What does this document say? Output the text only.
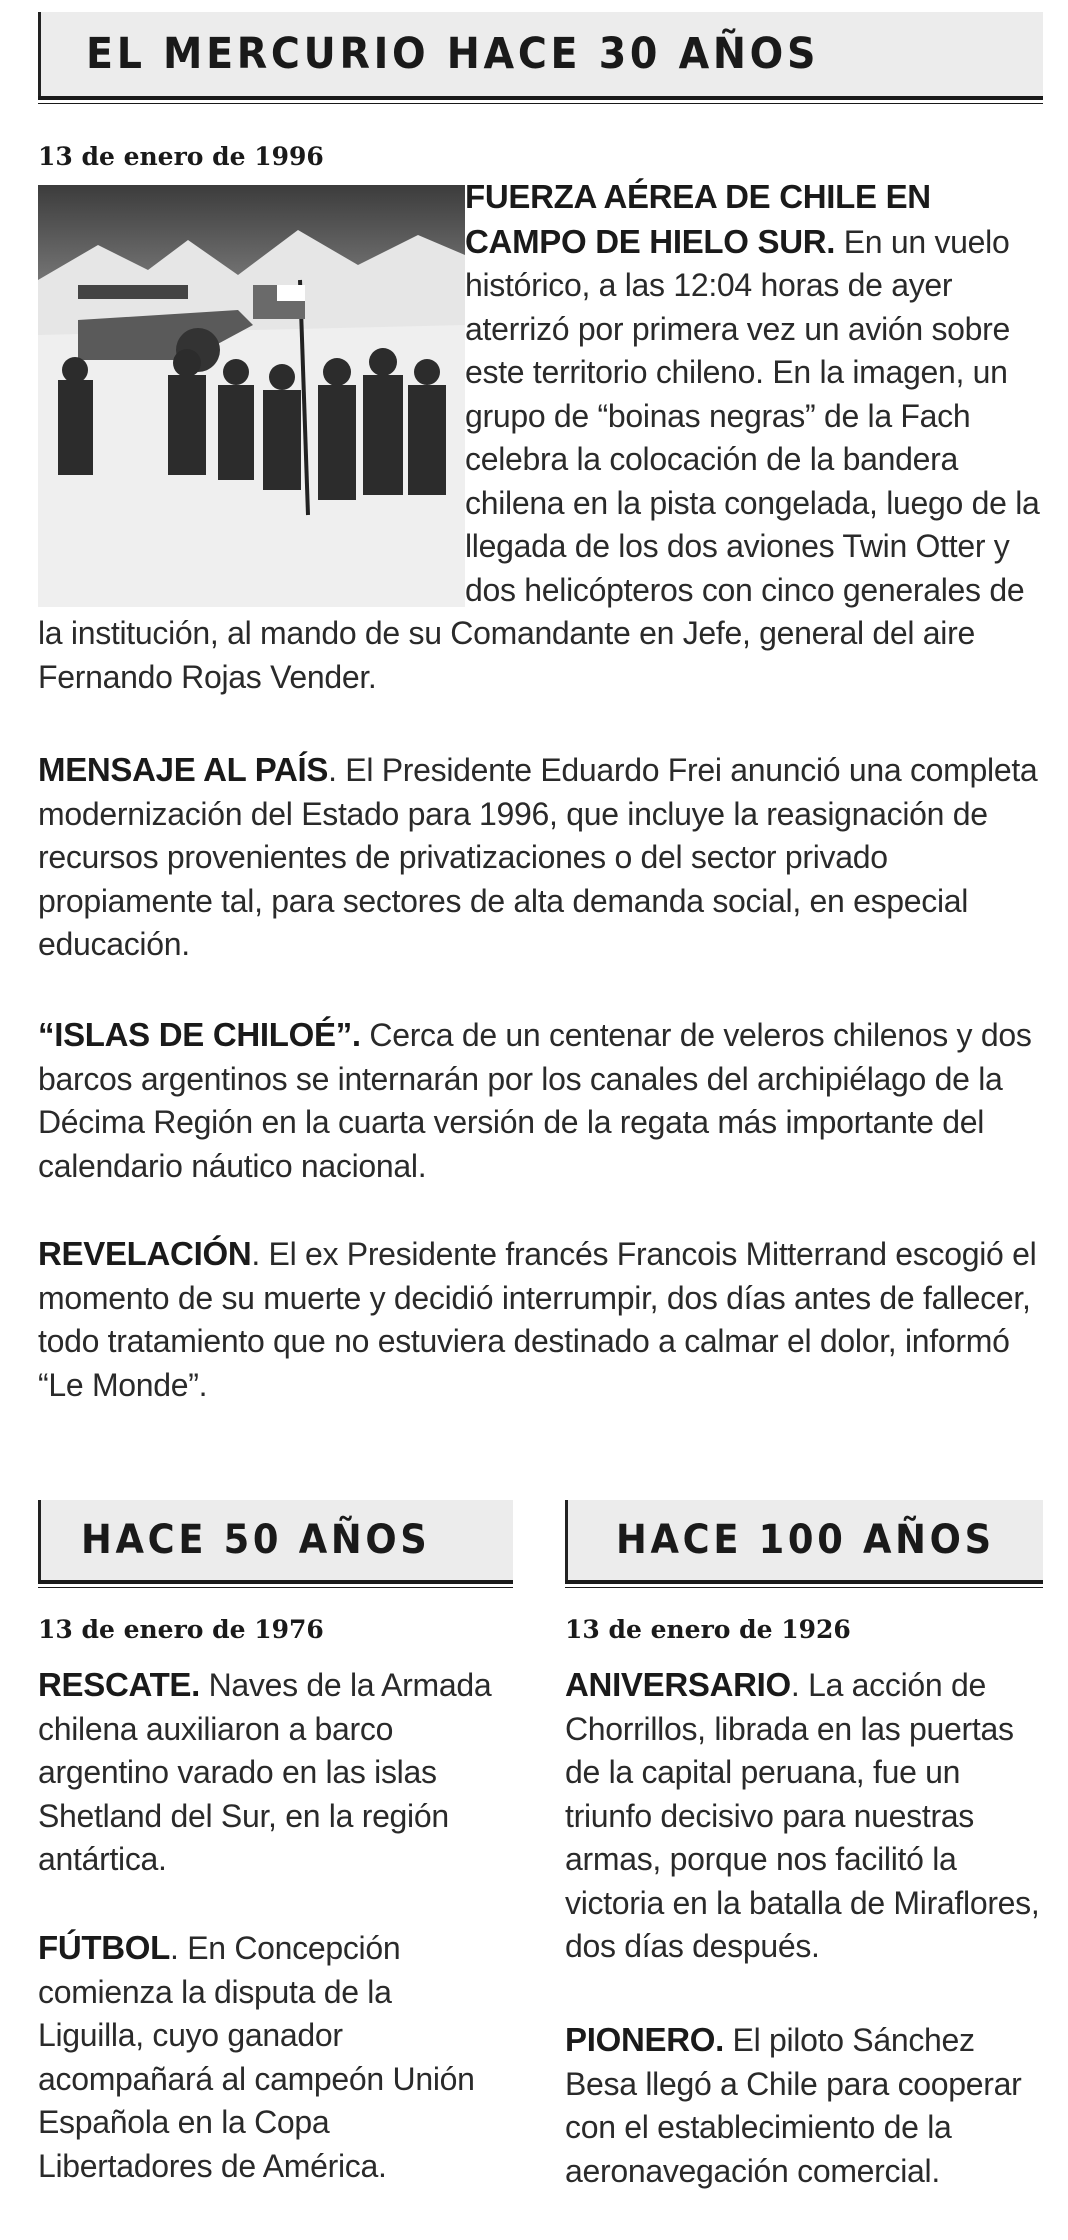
EL MERCURIO HACE 30 AÑOS
13 de enero de 1996
FUERZA AÉREA DE CHILE EN CAMPO DE HIELO SUR. En un vuelo histórico, a las 12:04 horas de ayer aterrizó por primera vez un avión sobre este territorio chileno. En la imagen, un grupo de “boinas negras” de la Fach celebra la colocación de la bandera chilena en la pista congelada, luego de la llegada de los dos aviones Twin Otter y dos helicópteros con cinco generales de la institución, al mando de su Comandante en Jefe, general del aire Fernando Rojas Vender.
MENSAJE AL PAÍS. El Presidente Eduardo Frei anunció una completa modernización del Estado para 1996, que incluye la reasignación de recursos provenientes de privatizaciones o del sector privado propiamente tal, para sectores de alta demanda social, en especial educación.
“ISLAS DE CHILOÉ”. Cerca de un centenar de veleros chilenos y dos barcos argentinos se internarán por los canales del archipiélago de la Décima Región en la cuarta versión de la regata más importante del calendario náutico nacional.
REVELACIÓN. El ex Presidente francés Francois Mitterrand escogió el momento de su muerte y decidió interrumpir, dos días antes de fallecer, todo tratamiento que no estuviera destinado a calmar el dolor, informó “Le Monde”.
HACE 50 AÑOS
13 de enero de 1976
RESCATE. Naves de la Armada chilena auxiliaron a barco argentino varado en las islas Shetland del Sur, en la región antártica.
FÚTBOL. En Concepción comienza la disputa de la Liguilla, cuyo ganador acompañará al campeón Unión Española en la Copa Libertadores de América.
HACE 100 AÑOS
13 de enero de 1926
ANIVERSARIO. La acción de Chorrillos, librada en las puertas de la capital peruana, fue un triunfo decisivo para nuestras armas, porque nos facilitó la victoria en la batalla de Miraflores, dos días después.
PIONERO. El piloto Sánchez Besa llegó a Chile para cooperar con el establecimiento de la aeronavegación comercial.
